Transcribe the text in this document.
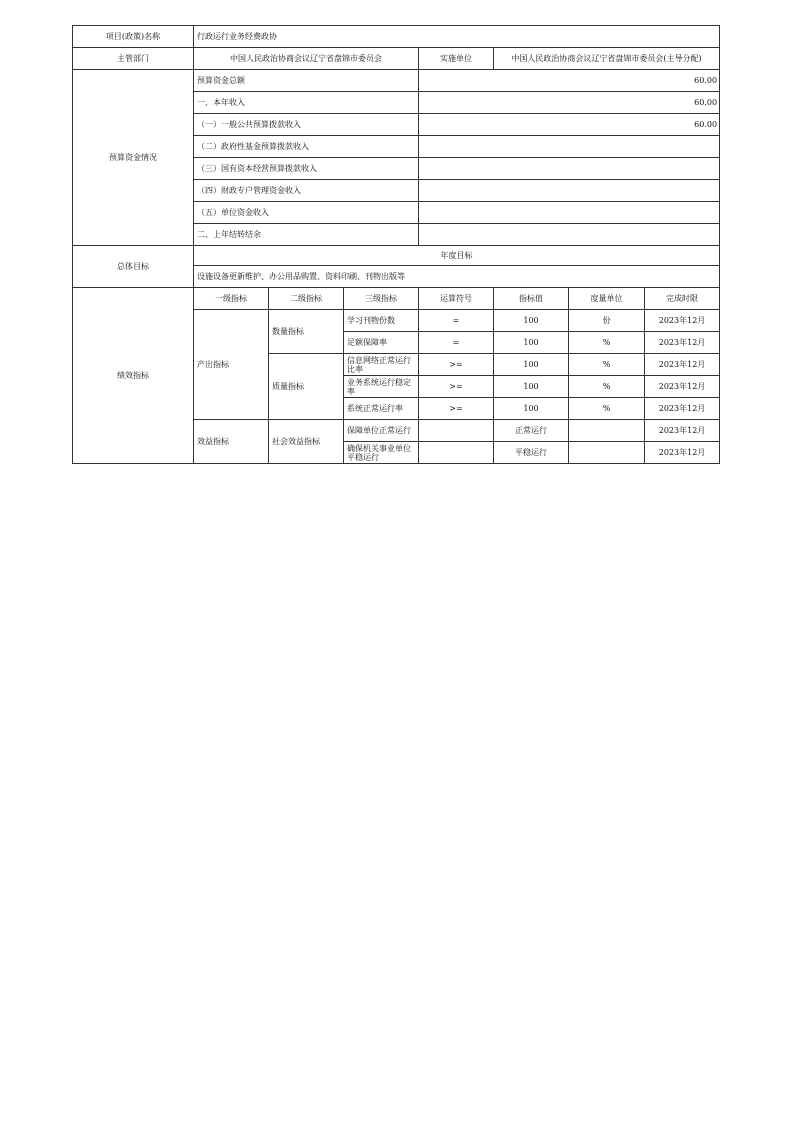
项目(政策)名称	行政运行业务经费政协						
主管部门	中国人民政治协商会议辽宁省盘锦市委员会			实施单位	中国人民政治协商会议辽宁省盘锦市委员会(主导分配)		
预算资金情况	预算资金总额			60.00			
	一、本年收入			60.00			
	（一）一般公共预算拨款收入			60.00			
	（二）政府性基金预算拨款收入						
	（三）国有资本经营预算拨款收入						
	（四）财政专户管理资金收入						
	（五）单位资金收入						
	二、上年结转结余						
总体目标	年度目标						
	设施设备更新维护、办公用品购置、资料印刷、刊物出版等						
绩效指标	一级指标	二级指标	三级指标	运算符号	指标值	度量单位	完成时限
	产出指标	数量指标	学习刊物份数	=	100	份	2023年12月
			足额保障率	=	100	%	2023年12月
		质量指标	信息网络正常运行比率	>=	100	%	2023年12月
			业务系统运行稳定率	>=	100	%	2023年12月
			系统正常运行率	>=	100	%	2023年12月
	效益指标	社会效益指标	保障单位正常运行		正常运行		2023年12月
			确保机关事业单位平稳运行		平稳运行		2023年12月
